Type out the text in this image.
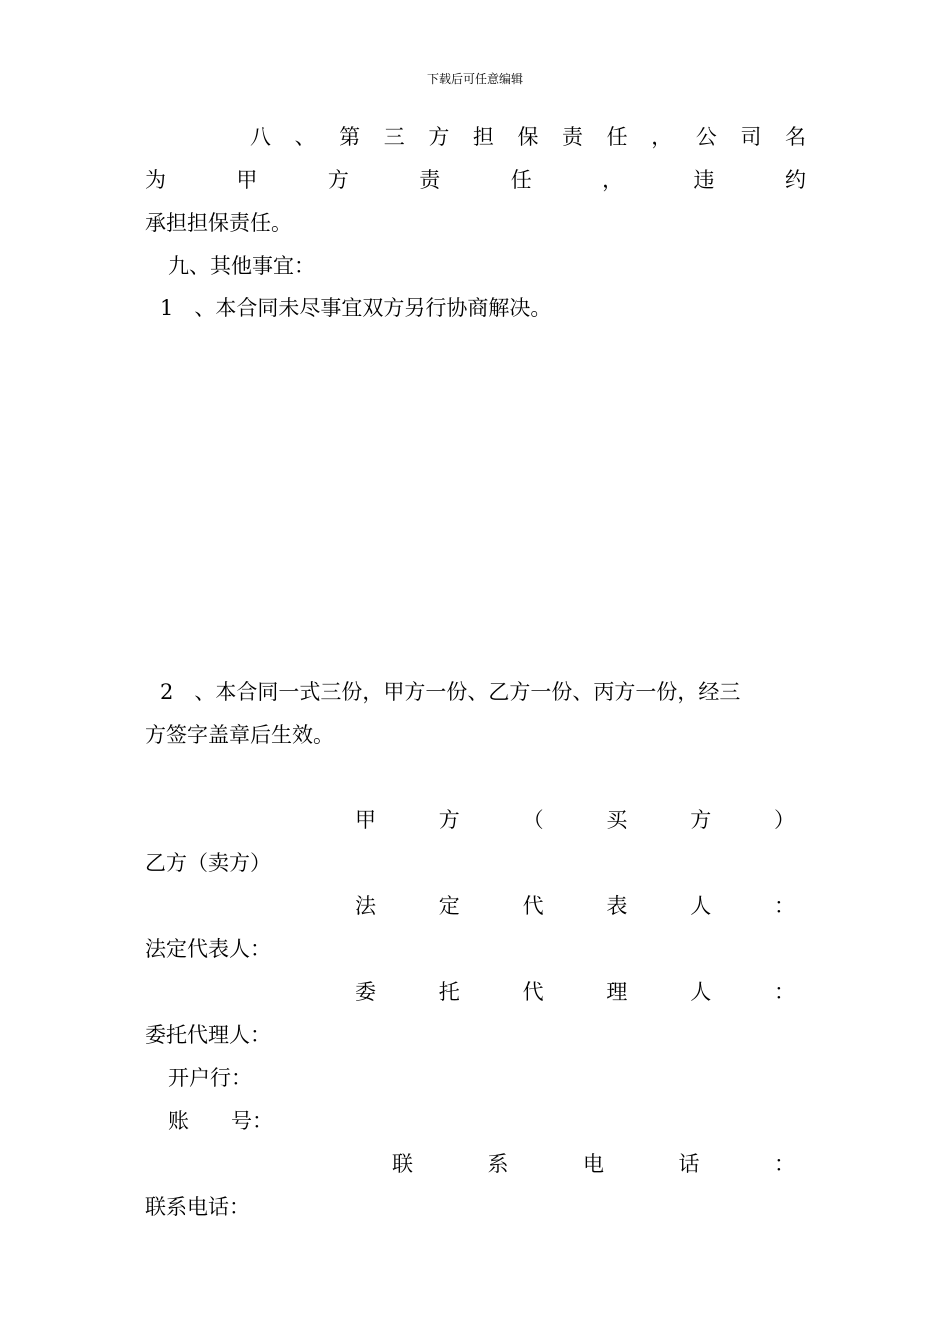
下载后可任意编辑
八 、 第 三 方 担 保 责 任 ， 公 司 名
为	甲	方	责	任	，	违	约
承担担保责任。
九、其他事宜：
1　、本合同未尽事宜双方另行协商解决。
2　、本合同一式三份，甲方一份、乙方一份、丙方一份，经三
方签字盖章后生效。
甲	方	（	买	方	）
乙方（卖方）
法	定	代	表	人	：
法定代表人：
委	托	代	理	人	：
委托代理人：
开户行：
账 号：
联	系	电	话	：
联系电话：
